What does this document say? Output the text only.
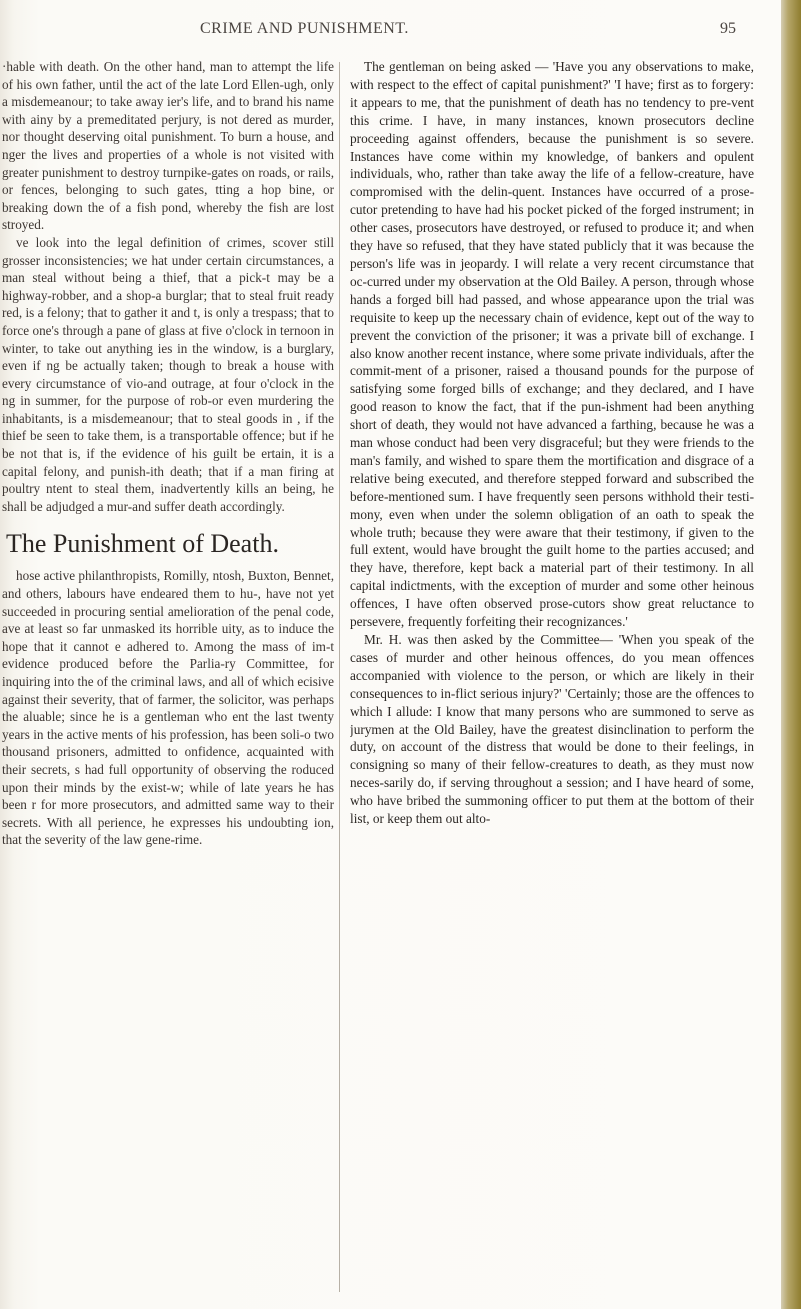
CRIME AND PUNISHMENT.	95

·hable with death. On the other hand, man to attempt the life of his own father, until the act of the late Lord Ellen-ugh, only a misdemeanour; to take away ier's life, and to brand his name with ainy by a premeditated perjury, is not dered as murder, nor thought deserving oital punishment. To burn a house, and nger the lives and properties of a whole is not visited with greater punishment to destroy turnpike-gates on roads, or rails, or fences, belonging to such gates, tting a hop bine, or breaking down the of a fish pond, whereby the fish are lost stroyed.

ve look into the legal definition of crimes, scover still grosser inconsistencies; we hat under certain circumstances, a man steal without being a thief, that a pick-t may be a highway-robber, and a shop-a burglar; that to steal fruit ready red, is a felony; that to gather it and t, is only a trespass; that to force one's through a pane of glass at five o'clock in ternoon in winter, to take out anything ies in the window, is a burglary, even if ng be actually taken; though to break a house with every circumstance of vio-and outrage, at four o'clock in the ng in summer, for the purpose of rob-or even murdering the inhabitants, is a misdemeanour; that to steal goods in , if the thief be seen to take them, is a transportable offence; but if he be not that is, if the evidence of his guilt be ertain, it is a capital felony, and punish-ith death; that if a man firing at poultry ntent to steal them, inadvertently kills an being, he shall be adjudged a mur-and suffer death accordingly.

The Punishment of Death.

hose active philanthropists, Romilly, ntosh, Buxton, Bennet, and others, labours have endeared them to hu-, have not yet succeeded in procuring sential amelioration of the penal code, ave at least so far unmasked its horrible uity, as to induce the hope that it cannot e adhered to. Among the mass of im-t evidence produced before the Parlia-ry Committee, for inquiring into the of the criminal laws, and all of which ecisive against their severity, that of farmer, the solicitor, was perhaps the aluable; since he is a gentleman who ent the last twenty years in the active ments of his profession, has been soli-o two thousand prisoners, admitted to onfidence, acquainted with their secrets, s had full opportunity of observing the roduced upon their minds by the exist-w; while of late years he has been r for more prosecutors, and admitted same way to their secrets. With all perience, he expresses his undoubting ion, that the severity of the law gene-rime.

The gentleman on being asked — 'Have you any observations to make, with respect to the effect of capital punishment?' 'I have; first as to forgery: it appears to me, that the punishment of death has no tendency to pre-vent this crime. I have, in many instances, known prosecutors decline proceeding against offenders, because the punishment is so severe. Instances have come within my knowledge, of bankers and opulent individuals, who, rather than take away the life of a fellow-creature, have compromised with the delin-quent. Instances have occurred of a prose-cutor pretending to have had his pocket picked of the forged instrument; in other cases, prosecutors have destroyed, or refused to produce it; and when they have so refused, that they have stated publicly that it was because the person's life was in jeopardy. I will relate a very recent circumstance that oc-curred under my observation at the Old Bailey. A person, through whose hands a forged bill had passed, and whose appearance upon the trial was requisite to keep up the necessary chain of evidence, kept out of the way to prevent the conviction of the prisoner; it was a private bill of exchange. I also know another recent instance, where some private individuals, after the commit-ment of a prisoner, raised a thousand pounds for the purpose of satisfying some forged bills of exchange; and they declared, and I have good reason to know the fact, that if the pun-ishment had been anything short of death, they would not have advanced a farthing, because he was a man whose conduct had been very disgraceful; but they were friends to the man's family, and wished to spare them the mortification and disgrace of a relative being executed, and therefore stepped forward and subscribed the before-mentioned sum. I have frequently seen persons withhold their testi-mony, even when under the solemn obligation of an oath to speak the whole truth; because they were aware that their testimony, if given to the full extent, would have brought the guilt home to the parties accused; and they have, therefore, kept back a material part of their testimony. In all capital indictments, with the exception of murder and some other heinous offences, I have often observed prose-cutors show great reluctance to persevere, frequently forfeiting their recognizances.'

Mr. H. was then asked by the Committee— 'When you speak of the cases of murder and other heinous offences, do you mean offences accompanied with violence to the person, or which are likely in their consequences to in-flict serious injury?' 'Certainly; those are the offences to which I allude: I know that many persons who are summoned to serve as jurymen at the Old Bailey, have the greatest disinclination to perform the duty, on account of the distress that would be done to their feelings, in consigning so many of their fellow-creatures to death, as they must now neces-sarily do, if serving throughout a session; and I have heard of some, who have bribed the summoning officer to put them at the bottom of their list, or keep them out alto-
